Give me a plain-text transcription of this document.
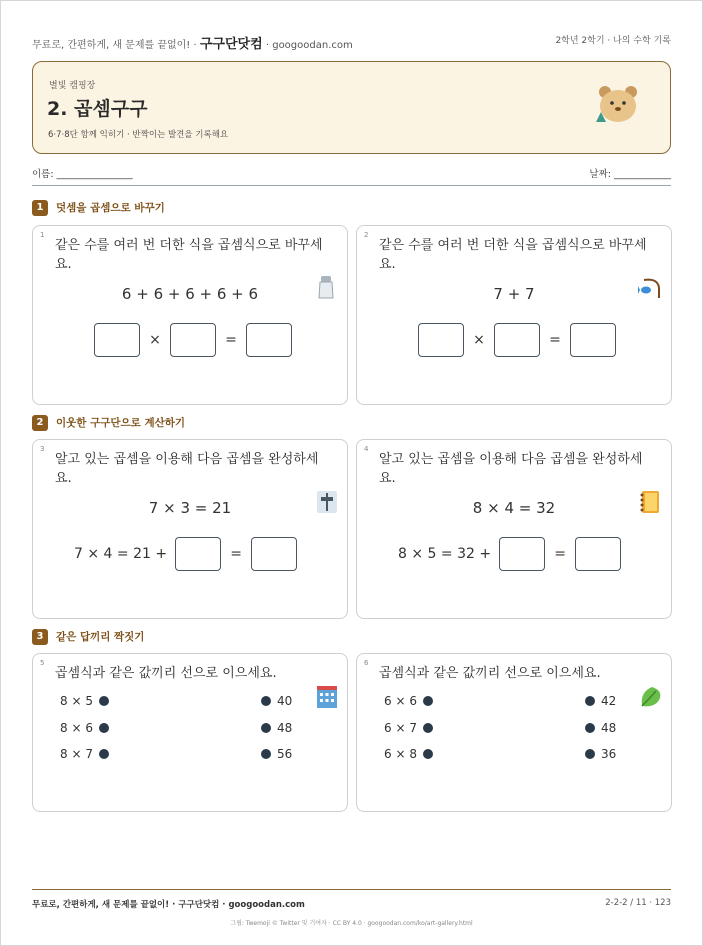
무료로, 간편하게, 새 문제를 끝없이! · 구구단닷컴 · googoodan.com	2학년 2학기 · 나의 수학 기록
별빛 캠핑장
2. 곱셈구구
6·7·8단 함께 익히기 · 반짝이는 발견을 기록해요
이름: ________________	날짜: ____________
1 덧셈을 곱셈으로 바꾸기
1
같은 수를 여러 번 더한 식을 곱셈식으로 바꾸세요.
6 + 6 + 6 + 6 + 6
×	=
2
같은 수를 여러 번 더한 식을 곱셈식으로 바꾸세요.
7 + 7
×	=
2 이웃한 구구단으로 계산하기
3
알고 있는 곱셈을 이용해 다음 곱셈을 완성하세요.
7 × 3 = 21
7 × 4 = 21 +	=
4
알고 있는 곱셈을 이용해 다음 곱셈을 완성하세요.
8 × 4 = 32
8 × 5 = 32 +	=
3 같은 답끼리 짝짓기
5
곱셈식과 같은 값끼리 선으로 이으세요.
8 × 5
8 × 6
8 × 7
40
48
56
6
곱셈식과 같은 값끼리 선으로 이으세요.
6 × 6
6 × 7
6 × 8
42
48
36
무료로, 간편하게, 새 문제를 끝없이! · 구구단닷컴 · googoodan.com	2-2-2 / 11 · 123
그림: Twemoji © Twitter 및 기여자 · CC BY 4.0 · googoodan.com/ko/art-gallery.html
